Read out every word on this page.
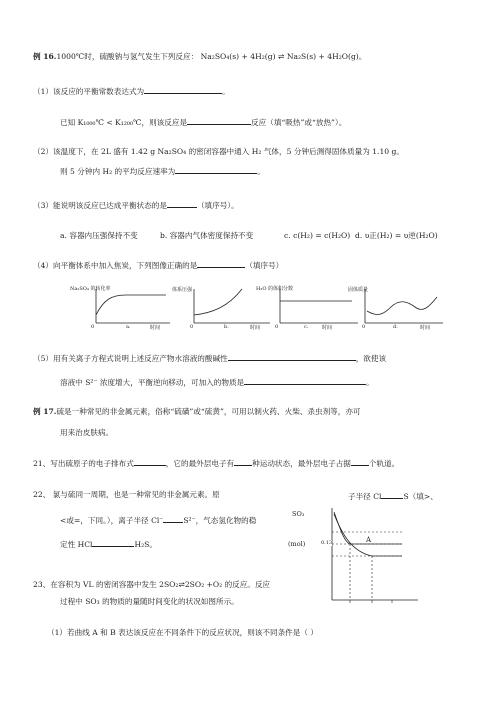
例 16.1000℃时，硫酸钠与氢气发生下列反应： Na₂SO₄(s) + 4H₂(g) ⇌ Na₂S(s) + 4H₂O(g)。
（1）该反应的平衡常数表达式为	。
已知 K₁₀₀₀℃ < K₁₂₀₀℃，则该反应是	反应（填“吸热”或“放热”）。
（2）该温度下，在 2L 盛有 1.42 g Na₂SO₄ 的密闭容器中通入 H₂ 气体，5 分钟后测得固体质量为 1.10 g。
则 5 分钟内 H₂ 的平均反应速率为	。
（3）能说明该反应已达成平衡状态的是	（填序号）。
a. 容器内压强保持不变	b. 容器内气体密度保持不变	c. c(H₂) = c(H₂O) d. υ正(H₂) = υ逆(H₂O)
（4）向平衡体系中加入焦炭，下列图像正确的是	（填序号）
Na₂SO₄ 的转化率
0	a.	时间
体系压强
0	b.	时间
H₂O 的体积分数
0	c.	时间
固体质量
0	d.	时间
（5）用有关离子方程式说明上述反应产物水溶液的酸碱性	，欲使该
溶液中 S²⁻ 浓度增大，平衡逆向移动，可加入的物质是	。
例 17.硫是一种常见的非金属元素，俗称“硫磺”或“硫黄”，可用以制火药、火柴、杀虫剂等，亦可
用来治皮肤病。
21、写出硫原子的电子排布式	，它的最外层电子有 种运动状态，最外层电子占据 个轨道。
22、 氯与硫同一周期，也是一种常见的非金属元素。原	子半径 Cl	S（填>、
<或=，下同。），离子半径 Cl⁻	S²⁻，气态氢化物的稳
定性 HCl	H₂S。
SO₃
(mol)	0.13	A
23、在容积为 VL 的密闭容器中发生 2SO₂⇌2SO₂ +O₂ 的反应。反应
过程中 SO₃ 的物质的量随时间变化的状况如图所示。
（1）若曲线 A 和 B 表达该反应在不同条件下的反应状况，则该不同条件是（ ）
